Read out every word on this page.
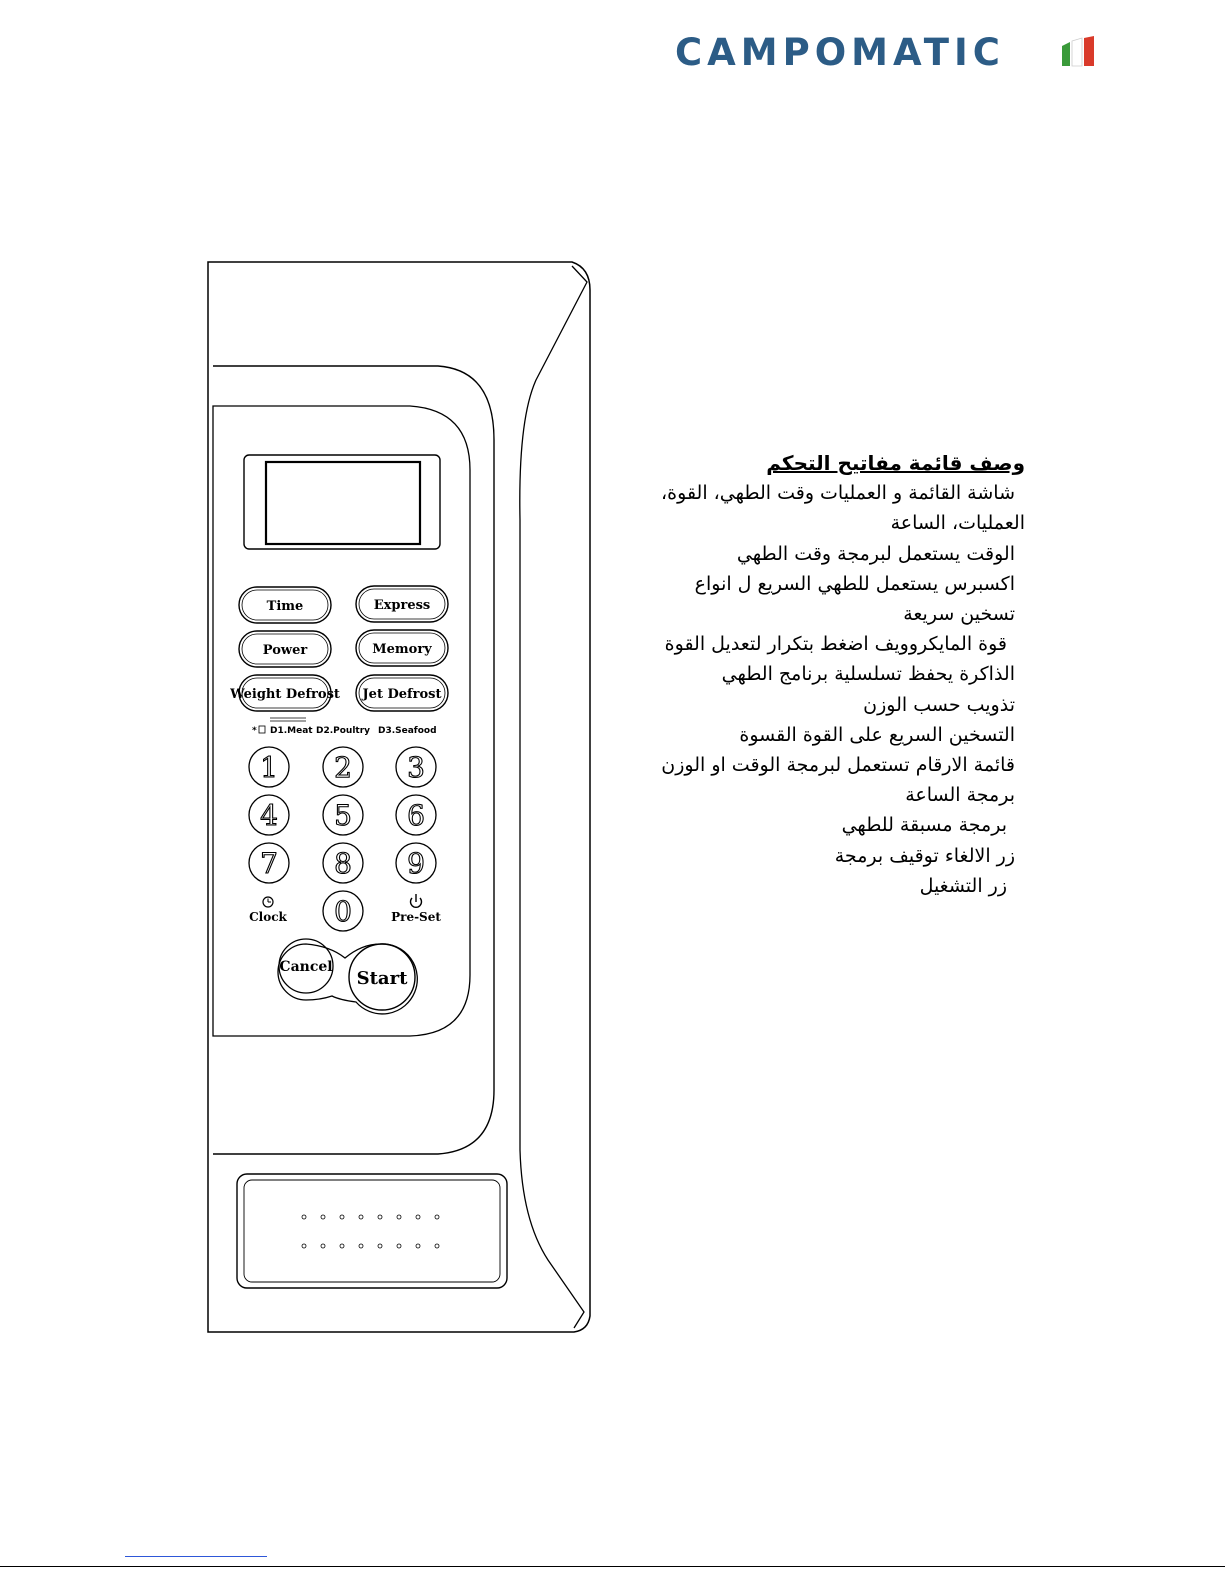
CAMPOMATIC
Time	Express
Power	Memory
Weight Defrost Jet Defrost
* D1.Meat D2.Poultry D3.Seafood
1 2 3
4 5 6
7 8 9
0
Clock	Pre-Set
Cancel
Start
وصف قائمة مفاتيح التحكم
شاشة القائمة و العمليات وقت الطهي، القوة،
العمليات، الساعة
الوقت يستعمل لبرمجة وقت الطهي
اكسبرس يستعمل للطهي السريع ل انواع
تسخين سريعة
قوة المايكروويف اضغط بتكرار لتعديل القوة
الذاكرة يحفظ تسلسلية برنامج الطهي
تذويب حسب الوزن
التسخين السريع على القوة القسوة
قائمة الارقام تستعمل لبرمجة الوقت او الوزن
برمجة الساعة
برمجة مسبقة للطهي
زر الالغاء توقيف برمجة
زر التشغيل
